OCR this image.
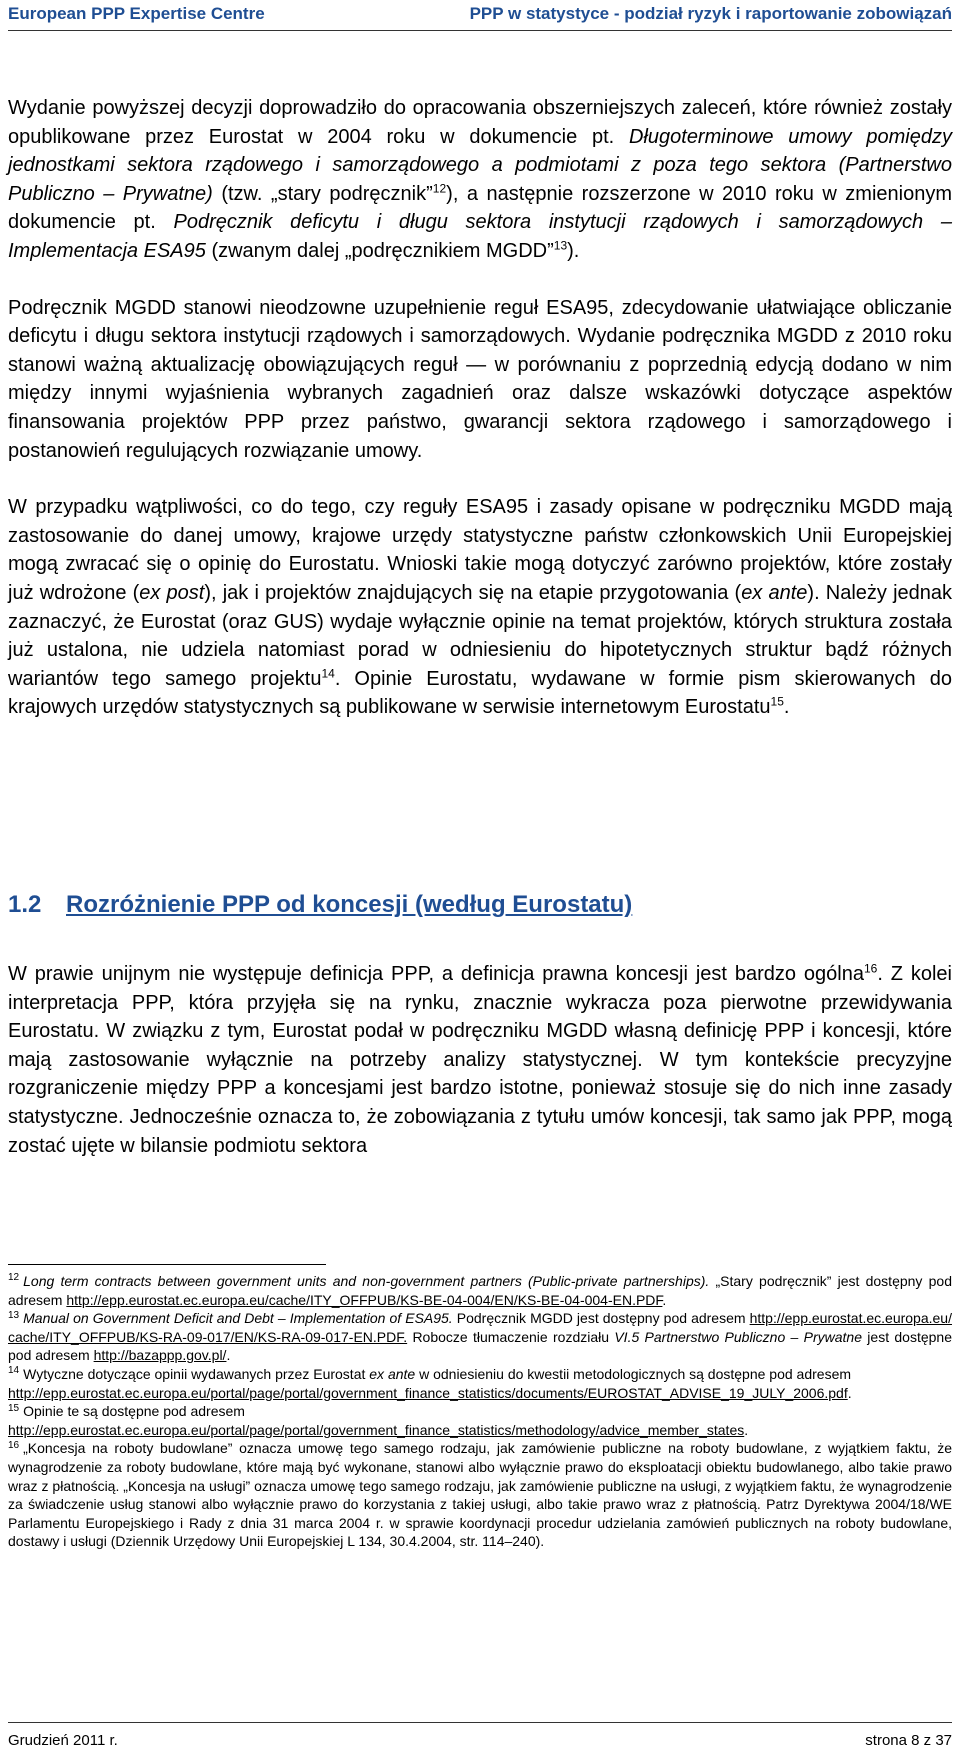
European PPP Expertise Centre	PPP w statystyce - podział ryzyk i raportowanie zobowiązań

Wydanie powyższej decyzji doprowadziło do opracowania obszerniejszych zaleceń, które również zostały opublikowane przez Eurostat w 2004 roku w dokumencie pt. Długoterminowe umowy pomiędzy jednostkami sektora rządowego i samorządowego a podmiotami z poza tego sektora (Partnerstwo Publiczno – Prywatne) (tzw. „stary podręcznik”$^{12}$), a następnie rozszerzone w 2010 roku w zmienionym dokumencie pt. Podręcznik deficytu i długu sektora instytucji rządowych i samorządowych – Implementacja ESA95 (zwanym dalej „podręcznikiem MGDD”$^{13}$).

Podręcznik MGDD stanowi nieodzowne uzupełnienie reguł ESA95, zdecydowanie ułatwiające obliczanie deficytu i długu sektora instytucji rządowych i samorządowych. Wydanie podręcznika MGDD z 2010 roku stanowi ważną aktualizację obowiązujących reguł — w porównaniu z poprzednią edycją dodano w nim między innymi wyjaśnienia wybranych zagadnień oraz dalsze wskazówki dotyczące aspektów finansowania projektów PPP przez państwo, gwarancji sektora rządowego i samorządowego i postanowień regulujących rozwiązanie umowy.

W przypadku wątpliwości, co do tego, czy reguły ESA95 i zasady opisane w podręczniku MGDD mają zastosowanie do danej umowy, krajowe urzędy statystyczne państw członkowskich Unii Europejskiej mogą zwracać się o opinię do Eurostatu. Wnioski takie mogą dotyczyć zarówno projektów, które zostały już wdrożone (ex post), jak i projektów znajdujących się na etapie przygotowania (ex ante). Należy jednak zaznaczyć, że Eurostat (oraz GUS) wydaje wyłącznie opinie na temat projektów, których struktura została już ustalona, nie udziela natomiast porad w odniesieniu do hipotetycznych struktur bądź różnych wariantów tego samego projektu$^{14}$. Opinie Eurostatu, wydawane w formie pism skierowanych do krajowych urzędów statystycznych są publikowane w serwisie internetowym Eurostatu$^{15}$.

1.2 Rozróżnienie PPP od koncesji (według Eurostatu)

W prawie unijnym nie występuje definicja PPP, a definicja prawna koncesji jest bardzo ogólna$^{16}$. Z kolei interpretacja PPP, która przyjęła się na rynku, znacznie wykracza poza pierwotne przewidywania Eurostatu. W związku z tym, Eurostat podał w podręczniku MGDD własną definicję PPP i koncesji, które mają zastosowanie wyłącznie na potrzeby analizy statystycznej. W tym kontekście precyzyjne rozgraniczenie między PPP a koncesjami jest bardzo istotne, ponieważ stosuje się do nich inne zasady statystyczne. Jednocześnie oznacza to, że zobowiązania z tytułu umów koncesji, tak samo jak PPP, mogą zostać ujęte w bilansie podmiotu sektora

$^{12}$ Long term contracts between government units and non-government partners (Public-private partnerships). „Stary podręcznik” jest dostępny pod adresem http://epp.eurostat.ec.europa.eu/cache/ITY_OFFPUB/KS-BE-04-004/EN/KS-BE-04-004-EN.PDF.

$^{13}$ Manual on Government Deficit and Debt – Implementation of ESA95. Podręcznik MGDD jest dostępny pod adresem http://epp.eurostat.ec.europa.eu/cache/ITY_OFFPUB/KS-RA-09-017/EN/KS-RA-09-017-EN.PDF. Robocze tłumaczenie rozdziału VI.5 Partnerstwo Publiczno – Prywatne jest dostępne pod adresem http://bazappp.gov.pl/.

$^{14}$ Wytyczne dotyczące opinii wydawanych przez Eurostat ex ante w odniesieniu do kwestii metodologicznych są dostępne pod adresem
http://epp.eurostat.ec.europa.eu/portal/page/portal/government_finance_statistics/documents/EUROSTAT_ADVISE_19_JULY_2006.pdf.

$^{15}$ Opinie te są dostępne pod adresem
http://epp.eurostat.ec.europa.eu/portal/page/portal/government_finance_statistics/methodology/advice_member_states.

$^{16}$ „Koncesja na roboty budowlane” oznacza umowę tego samego rodzaju, jak zamówienie publiczne na roboty budowlane, z wyjątkiem faktu, że wynagrodzenie za roboty budowlane, które mają być wykonane, stanowi albo wyłącznie prawo do eksploatacji obiektu budowlanego, albo takie prawo wraz z płatnością. „Koncesja na usługi” oznacza umowę tego samego rodzaju, jak zamówienie publiczne na usługi, z wyjątkiem faktu, że wynagrodzenie za świadczenie usług stanowi albo wyłącznie prawo do korzystania z takiej usługi, albo takie prawo wraz z płatnością. Patrz Dyrektywa 2004/18/WE Parlamentu Europejskiego i Rady z dnia 31 marca 2004 r. w sprawie koordynacji procedur udzielania zamówień publicznych na roboty budowlane, dostawy i usługi (Dziennik Urzędowy Unii Europejskiej L 134, 30.4.2004, str. 114–240).

Grudzień 2011 r.	strona 8 z 37
